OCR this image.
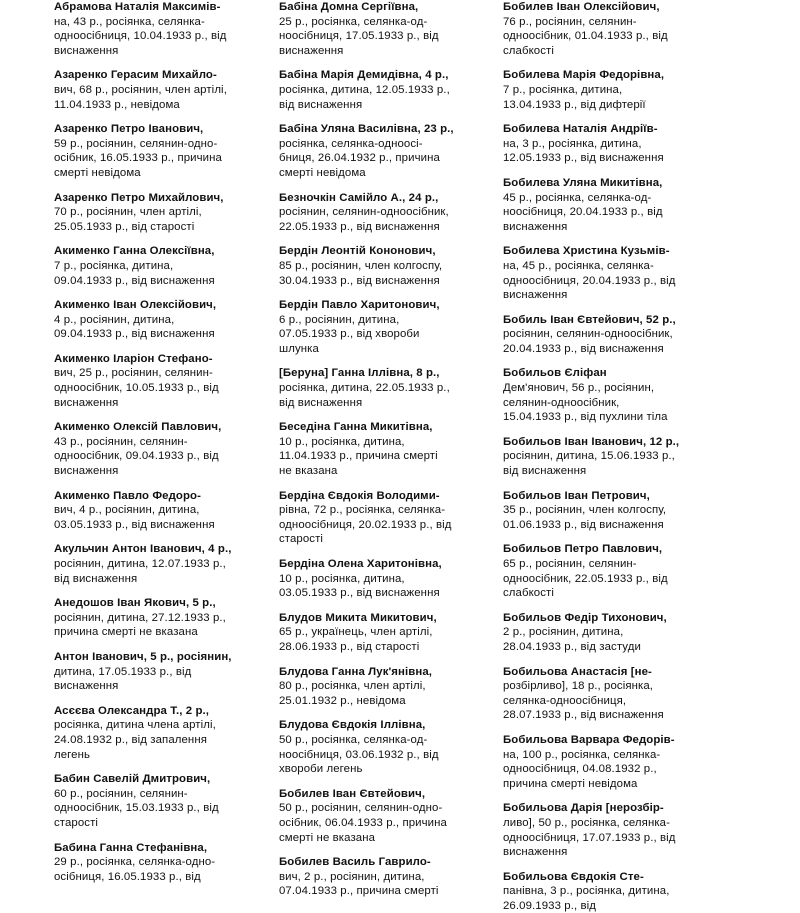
Абрамова Наталія Максимів-
на, 43 р., росіянка, селянка-
одноосібниця, 10.04.1933 р., від
виснаження
Азаренко Герасим Михайло-
вич, 68 р., росіянин, член артілі,
11.04.1933 р., невідома
Азаренко Петро Іванович,
59 р., росіянин, селянин-одно-
осібник, 16.05.1933 р., причина
смерті невідома
Азаренко Петро Михайлович,
70 р., росіянин, член артілі,
25.05.1933 р., від старості
Акименко Ганна Олексіївна,
7 р., росіянка, дитина,
09.04.1933 р., від виснаження
Акименко Іван Олексійович,
4 р., росіянин, дитина,
09.04.1933 р., від виснаження
Акименко Іларіон Стефано-
вич, 25 р., росіянин, селянин-
одноосібник, 10.05.1933 р., від
виснаження
Акименко Олексій Павлович,
43 р., росіянин, селянин-
одноосібник, 09.04.1933 р., від
виснаження
Акименко Павло Федоро-
вич, 4 р., росіянин, дитина,
03.05.1933 р., від виснаження
Акульчин Антон Іванович, 4 р.,
росіянин, дитина, 12.07.1933 р.,
від виснаження
Анедошов Іван Якович, 5 р.,
росіянин, дитина, 27.12.1933 р.,
причина смерті не вказана
Антон Іванович, 5 р., росіянин,
дитина, 17.05.1933 р., від
виснаження
Асєєва Олександра Т., 2 р.,
росіянка, дитина члена артілі,
24.08.1932 р., від запалення
легень
Бабин Савелій Дмитрович,
60 р., росіянин, селянин-
одноосібник, 15.03.1933 р., від
старості
Бабина Ганна Стефанівна,
29 р., росіянка, селянка-одно-
осібниця, 16.05.1933 р., від
Бабіна Домна Сергіївна,
25 р., росіянка, селянка-од-
ноосібниця, 17.05.1933 р., від
виснаження
Бабіна Марія Демидівна, 4 р.,
росіянка, дитина, 12.05.1933 р.,
від виснаження
Бабіна Уляна Василівна, 23 р.,
росіянка, селянка-одноосі-
бниця, 26.04.1932 р., причина
смерті невідома
Безночкін Самійло А., 24 р.,
росіянин, селянин-одноосібник,
22.05.1933 р., від виснаження
Бердін Леонтій Кононович,
85 р., росіянин, член колгоспу,
30.04.1933 р., від виснаження
Бердін Павло Харитонович,
6 р., росіянин, дитина,
07.05.1933 р., від хвороби
шлунка
[Беруна] Ганна Іллівна, 8 р.,
росіянка, дитина, 22.05.1933 р.,
від виснаження
Беседіна Ганна Микитівна,
10 р., росіянка, дитина,
11.04.1933 р., причина смерті
не вказана
Бердіна Євдокія Володими-
рівна, 72 р., росіянка, селянка-
одноосібниця, 20.02.1933 р., від
старості
Бердіна Олена Харитонівна,
10 р., росіянка, дитина,
03.05.1933 р., від виснаження
Блудов Микита Микитович,
65 р., українець, член артілі,
28.06.1933 р., від старості
Блудова Ганна Лук'янівна,
80 р., росіянка, член артілі,
25.01.1932 р., невідома
Блудова Євдокія Іллівна,
50 р., росіянка, селянка-од-
ноосібниця, 03.06.1932 р., від
хвороби легень
Бобилев Іван Євтейович,
50 р., росіянин, селянин-одно-
осібник, 06.04.1933 р., причина
смерті не вказана
Бобилев Василь Гаврило-
вич, 2 р., росіянин, дитина,
07.04.1933 р., причина смерті
Бобилев Іван Олексійович,
76 р., росіянин, селянин-
одноосібник, 01.04.1933 р., від
слабкості
Бобилева Марія Федорівна,
7 р., росіянка, дитина,
13.04.1933 р., від дифтерії
Бобилева Наталія Андріїв-
на, 3 р., росіянка, дитина,
12.05.1933 р., від виснаження
Бобилева Уляна Микитівна,
45 р., росіянка, селянка-од-
ноосібниця, 20.04.1933 р., від
виснаження
Бобилева Христина Кузьмів-
на, 45 р., росіянка, селянка-
одноосібниця, 20.04.1933 р., від
виснаження
Бобиль Іван Євтейович, 52 р.,
росіянин, селянин-одноосібник,
20.04.1933 р., від виснаження
Бобильов Єліфан
Дем'янович, 56 р., росіянин,
селянин-одноосібник,
15.04.1933 р., від пухлини тіла
Бобильов Іван Іванович, 12 р.,
росіянин, дитина, 15.06.1933 р.,
від виснаження
Бобильов Іван Петрович,
35 р., росіянин, член колгоспу,
01.06.1933 р., від виснаження
Бобильов Петро Павлович,
65 р., росіянин, селянин-
одноосібник, 22.05.1933 р., від
слабкості
Бобильов Федір Тихонович,
2 р., росіянин, дитина,
28.04.1933 р., від застуди
Бобильова Анастасія [не-
розбірливо], 18 р., росіянка,
селянка-одноосібниця,
28.07.1933 р., від виснаження
Бобильова Варвара Федорів-
на, 100 р., росіянка, селянка-
одноосібниця, 04.08.1932 р.,
причина смерті невідома
Бобильова Дарія [нерозбір-
ливо], 50 р., росіянка, селянка-
одноосібниця, 17.07.1933 р., від
виснаження
Бобильова Євдокія Сте-
панівна, 3 р., росіянка, дитина,
26.09.1933 р., від
